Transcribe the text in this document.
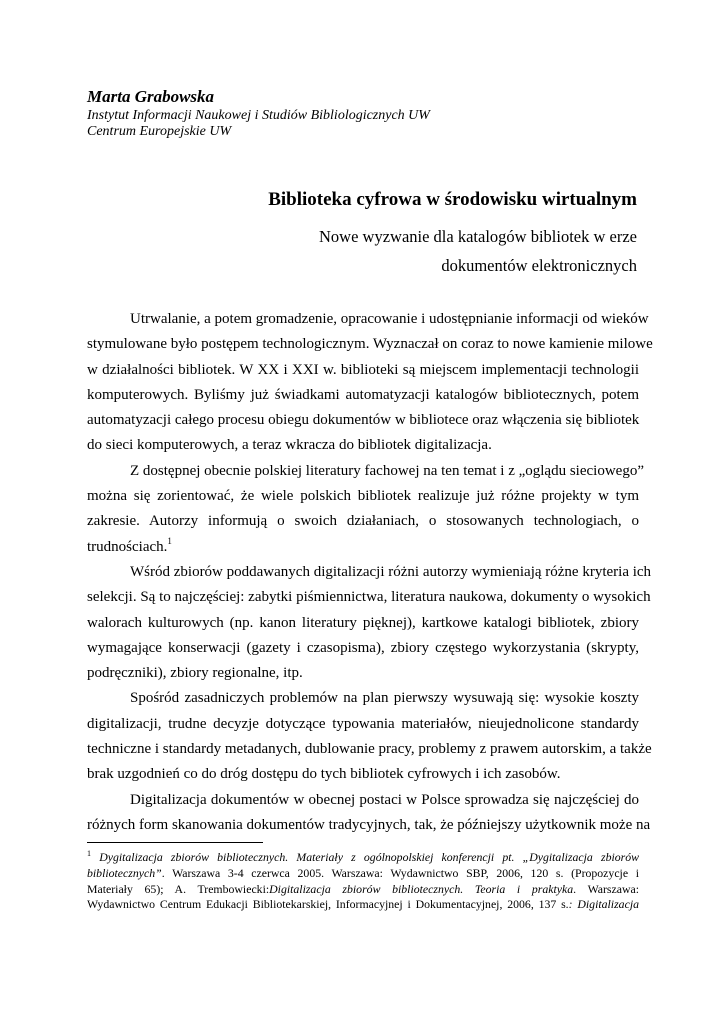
Marta Grabowska
Instytut Informacji Naukowej i Studiów Bibliologicznych UW
Centrum Europejskie UW
Biblioteka cyfrowa w środowisku wirtualnym
Nowe wyzwanie dla katalogów bibliotek w erze
dokumentów elektronicznych
Utrwalanie, a potem gromadzenie, opracowanie i udostępnianie informacji od wieków
stymulowane było postępem technologicznym. Wyznaczał on coraz to nowe kamienie milowe
w działalności bibliotek. W XX i XXI w. biblioteki są miejscem implementacji technologii
komputerowych. Byliśmy już świadkami automatyzacji katalogów bibliotecznych, potem
automatyzacji całego procesu obiegu dokumentów w bibliotece oraz włączenia się bibliotek
do sieci komputerowych, a teraz wkracza do bibliotek digitalizacja.
Z dostępnej obecnie polskiej literatury fachowej na ten temat i z „oglądu sieciowego”
można się zorientować, że wiele polskich bibliotek realizuje już różne projekty w tym
zakresie. Autorzy informują o swoich działaniach, o stosowanych technologiach, o
trudnościach.$^1$
Wśród zbiorów poddawanych digitalizacji różni autorzy wymieniają różne kryteria ich
selekcji. Są to najczęściej: zabytki piśmiennictwa, literatura naukowa, dokumenty o wysokich
walorach kulturowych (np. kanon literatury pięknej), kartkowe katalogi bibliotek, zbiory
wymagające konserwacji (gazety i czasopisma), zbiory częstego wykorzystania (skrypty,
podręczniki), zbiory regionalne, itp.
Spośród zasadniczych problemów na plan pierwszy wysuwają się: wysokie koszty
digitalizacji, trudne decyzje dotyczące typowania materiałów, nieujednolicone standardy
techniczne i standardy metadanych, dublowanie pracy, problemy z prawem autorskim, a także
brak uzgodnień co do dróg dostępu do tych bibliotek cyfrowych i ich zasobów.
Digitalizacja dokumentów w obecnej postaci w Polsce sprowadza się najczęściej do
różnych form skanowania dokumentów tradycyjnych, tak, że późniejszy użytkownik może na
$^1$ Dygitalizacja zbiorów bibliotecznych. Materiały z ogólnopolskiej konferencji pt. „Dygitalizacja zbiorów
bibliotecznych”. Warszawa 3-4 czerwca 2005. Warszawa: Wydawnictwo SBP, 2006, 120 s. (Propozycje i
Materiały 65); A. Trembowiecki:Digitalizacja zbiorów bibliotecznych. Teoria i praktyka. Warszawa:
Wydawnictwo Centrum Edukacji Bibliotekarskiej, Informacyjnej i Dokumentacyjnej, 2006, 137 s.: Digitalizacja
